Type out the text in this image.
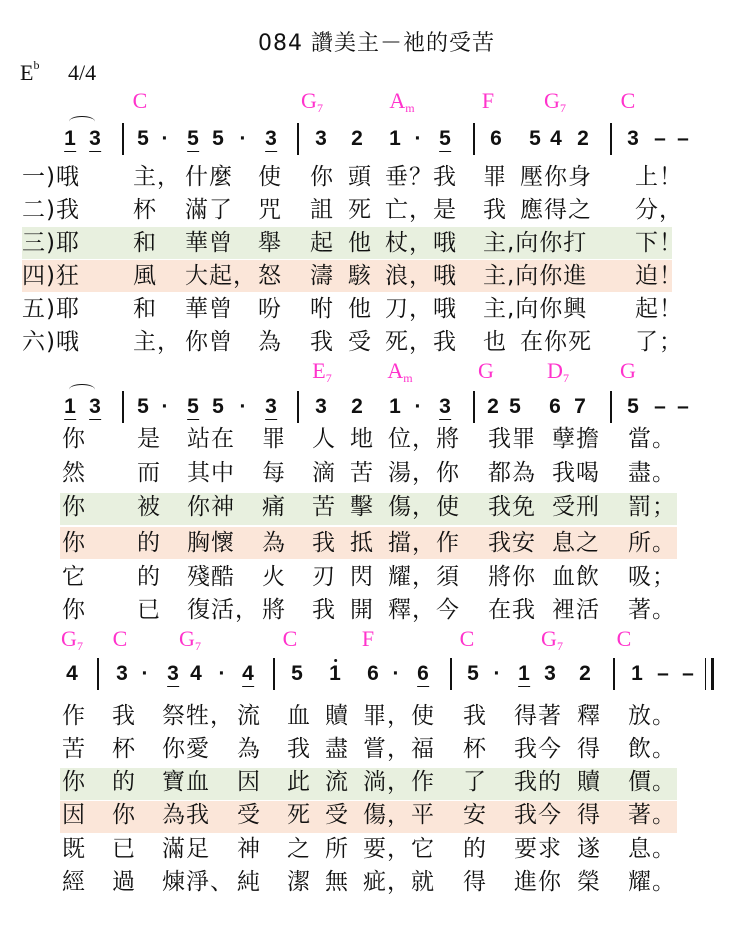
084 讚美主－祂的受苦
$E^b$ 4/4
C	$G_7$	$A_m$	F $G_7$ C
1 3 5 · 5 5 · 3 3 2 1 · 5 6 5 4 2 3 – –
一)哦 主， 什麼 使 你 頭 垂？我 罪 壓你身 上！
二)我 杯 滿了 咒 詛 死 亡，是 我 應得之 分，
三)耶 和 華曾 舉 起 他 杖，哦 主,向你打 下！
四)狂 風 大起， 怒 濤 駭 浪，哦 主,向你進 迫！
五)耶 和 華曾 吩 咐 他 刀，哦 主,向你興 起！
六)哦 主， 你曾 為 我 受 死，我 也 在你死 了；
$E_7$	$A_m$	G $D_7$ G
1 3 5 · 5 5 · 3 3 2 1 · 3 2 5 6 7 5 – –
你 是 站在 罪 人 地 位，將 我罪 孽擔 當。
然 而 其中 每 滴 苦 湯，你 都為 我喝 盡。
你 被 你神 痛 苦 擊 傷，使 我免 受刑 罰；
你 的 胸懷 為 我 抵 擋，作 我安 息之 所。
它 的 殘酷 火 刃 閃 耀，須 將你 血飲 吸；
你 已 復活， 將 我 開 釋，今 在我 裡活 著。
$G_7$ C $G_7$	C	F	C	$G_7$ C
4 3 · 3 4 · 4 5 1 6 · 6 5 · 1 3 2 1 – –
作 我 祭牲， 流 血 贖 罪，使 我 得著 釋 放。
苦 杯 你愛 為 我 盡 嘗，福 杯 我今 得 飲。
你 的 寶血 因 此 流 淌，作 了 我的 贖 價。
因 你 為我 受 死 受 傷，平 安 我今 得 著。
既 已 滿足 神 之 所 要，它 的 要求 遂 息。
經 過 煉淨、 純 潔 無 疵，就 得 進你 榮 耀。
